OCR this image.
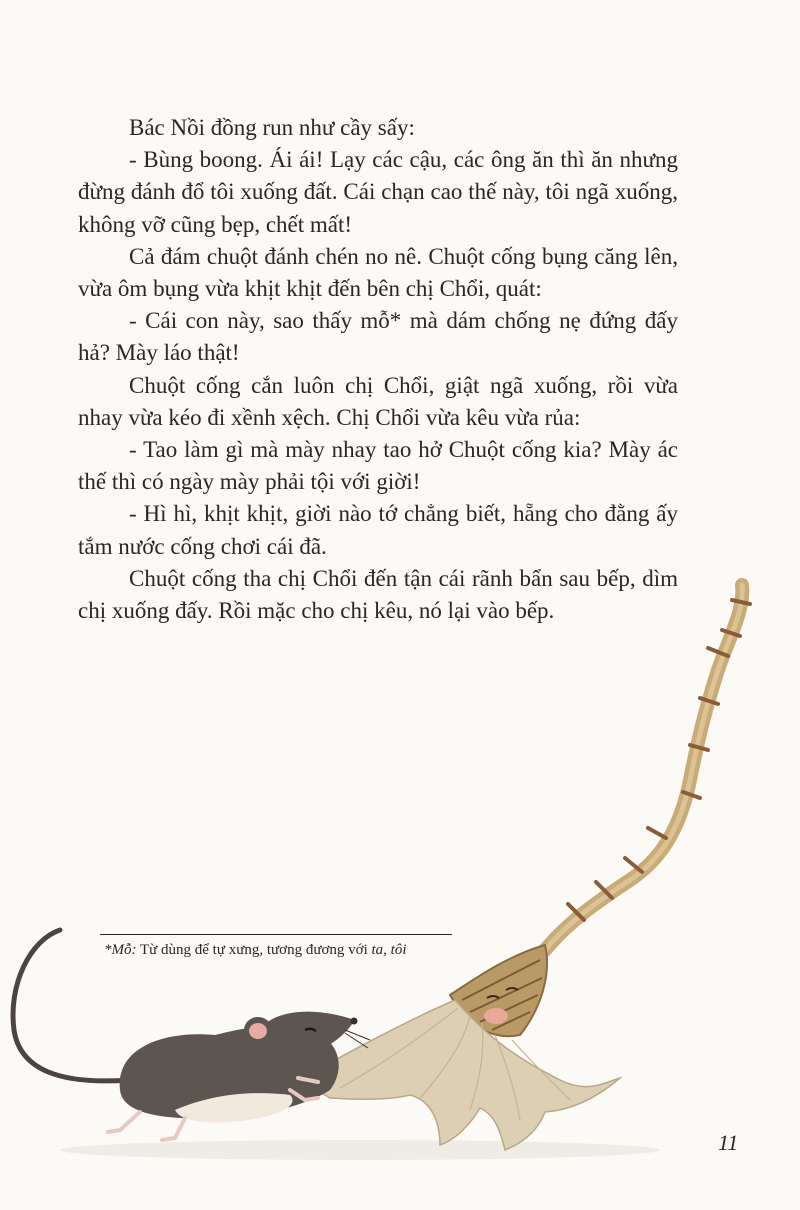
Bác Nồi đồng run như cầy sấy:

- Bùng boong. Ái ái! Lạy các cậu, các ông ăn thì ăn nhưng đừng đánh đổ tôi xuống đất. Cái chạn cao thế này, tôi ngã xuống, không vỡ cũng bẹp, chết mất!

Cả đám chuột đánh chén no nê. Chuột cống bụng căng lên, vừa ôm bụng vừa khịt khịt đến bên chị Chổi, quát:

- Cái con này, sao thấy mỗ* mà dám chống nẹ đứng đấy hả? Mày láo thật!

Chuột cống cắn luôn chị Chổi, giật ngã xuống, rồi vừa nhay vừa kéo đi xềnh xệch. Chị Chổi vừa kêu vừa rủa:

- Tao làm gì mà mày nhay tao hở Chuột cống kia? Mày ác thế thì có ngày mày phải tội với giời!

- Hì hì, khịt khịt, giời nào tớ chẳng biết, hẵng cho đằng ấy tắm nước cống chơi cái đã.

Chuột cống tha chị Chổi đến tận cái rãnh bẩn sau bếp, dìm chị xuống đấy. Rồi mặc cho chị kêu, nó lại vào bếp.

*Mỗ: Từ dùng để tự xưng, tương đương với ta, tôi
11
